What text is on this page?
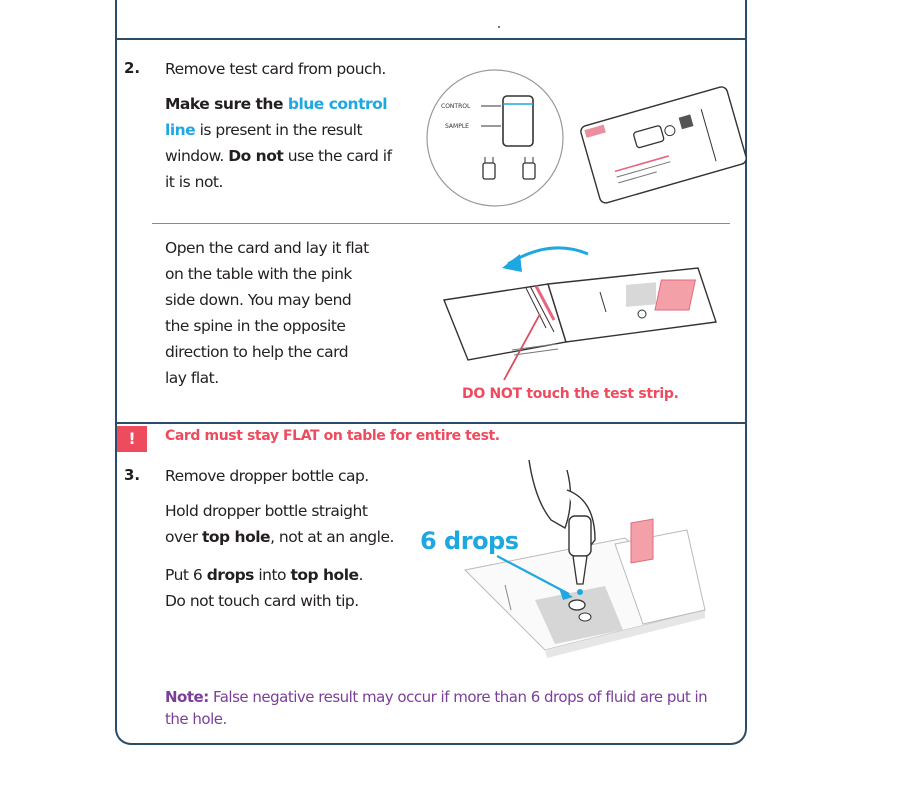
2. Remove test card from pouch.
Make sure the blue control
line is present in the result
window. Do not use the card if
it is not.
CONTROL
SAMPLE
Open the card and lay it flat
on the table with the pink
side down. You may bend
the spine in the opposite
direction to help the card
lay flat.
DO NOT touch the test strip.
!	Card must stay FLAT on table for entire test.
3. Remove dropper bottle cap.
Hold dropper bottle straight
over top hole, not at an angle.
Put 6 drops into top hole.
Do not touch card with tip.
6 drops
Note: False negative result may occur if more than 6 drops of fluid are put in the hole.
